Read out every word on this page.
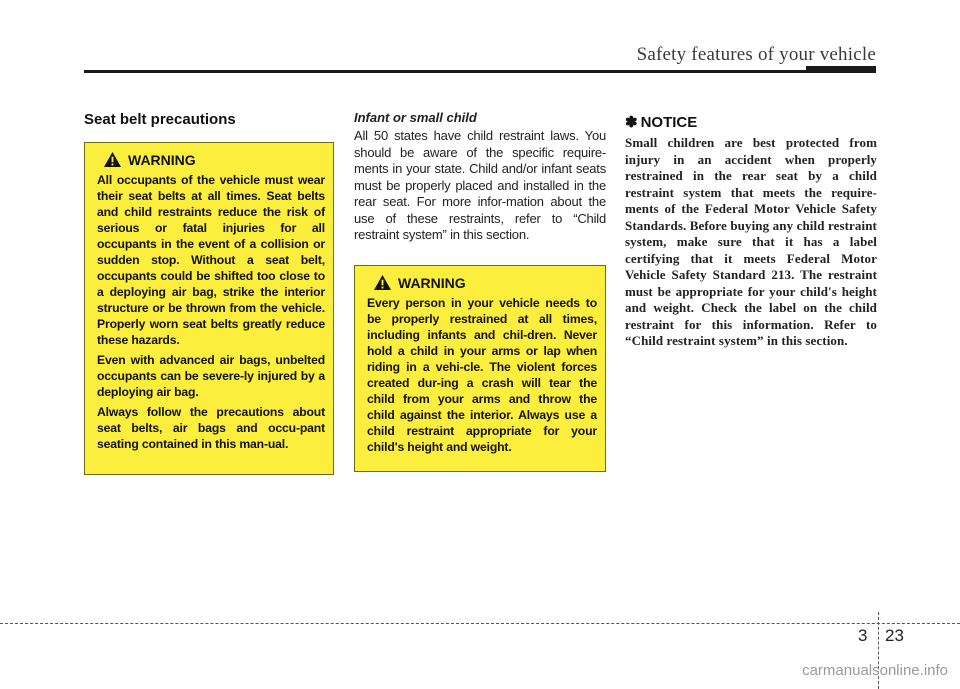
Safety features of your vehicle
Seat belt precautions
WARNING

All occupants of the vehicle must wear their seat belts at all times. Seat belts and child restraints reduce the risk of serious or fatal injuries for all occupants in the event of a collision or sudden stop. Without a seat belt, occupants could be shifted too close to a deploying air bag, strike the interior structure or be thrown from the vehicle. Properly worn seat belts greatly reduce these hazards.

Even with advanced air bags, unbelted occupants can be severe-ly injured by a deploying air bag.

Always follow the precautions about seat belts, air bags and occu-pant seating contained in this man-ual.

Infant or small child

All 50 states have child restraint laws. You should be aware of the specific require-ments in your state. Child and/or infant seats must be properly placed and installed in the rear seat. For more infor-mation about the use of these restraints, refer to “Child restraint system” in this section.

WARNING

Every person in your vehicle needs to be properly restrained at all times, including infants and chil-dren. Never hold a child in your arms or lap when riding in a vehi-cle. The violent forces created dur-ing a crash will tear the child from your arms and throw the child against the interior. Always use a child restraint appropriate for your child's height and weight.

✽ NOTICE

Small children are best protected from injury in an accident when properly restrained in the rear seat by a child restraint system that meets the require-ments of the Federal Motor Vehicle Safety Standards. Before buying any child restraint system, make sure that it has a label certifying that it meets Federal Motor Vehicle Safety Standard 213. The restraint must be appropriate for your child's height and weight. Check the label on the child restraint for this information. Refer to “Child restraint system” in this section.

3 23
carmanualsonline.info
